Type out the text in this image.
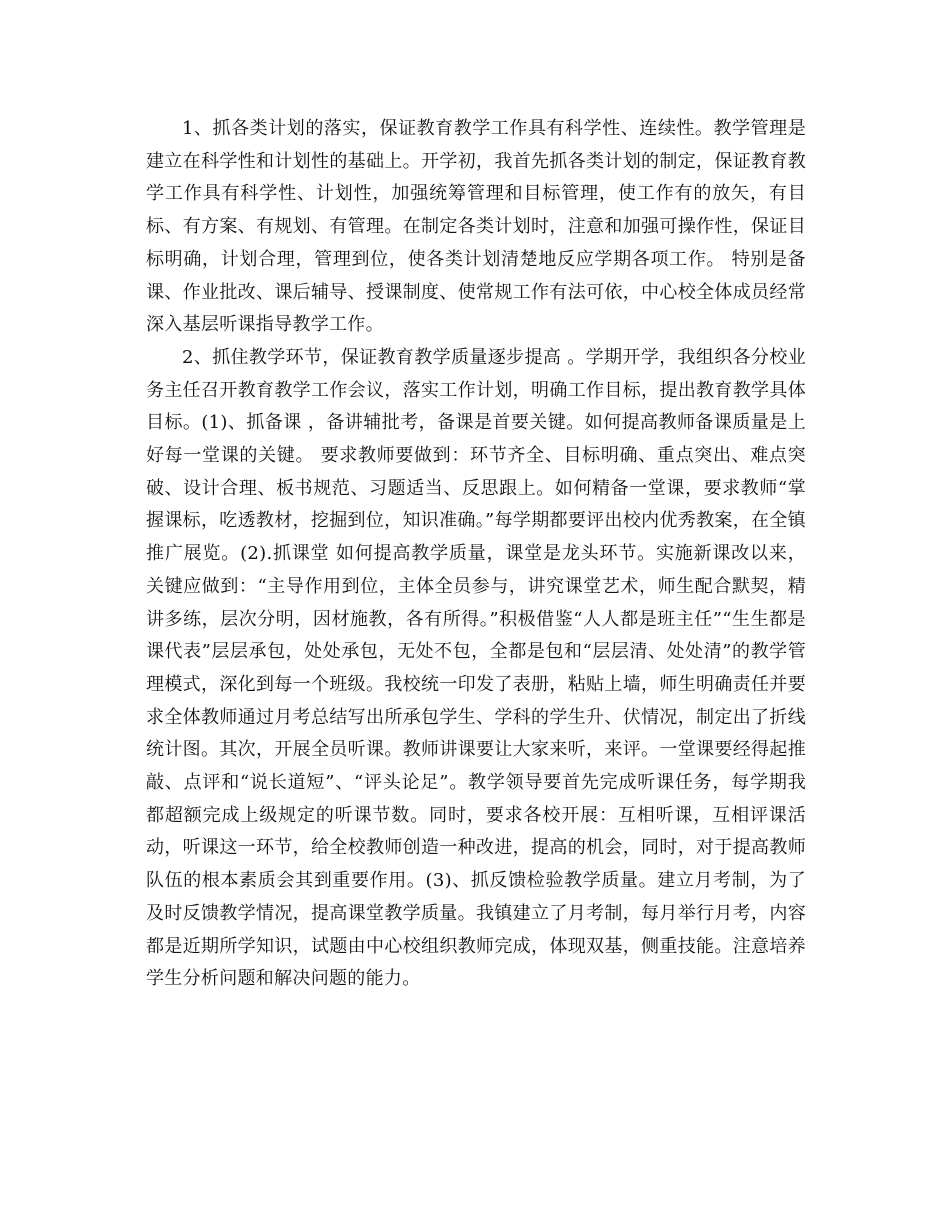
1、抓各类计划的落实，保证教育教学工作具有科学性、连续性。教学管理是建立在科学性和计划性的基础上。开学初，我首先抓各类计划的制定，保证教育教学工作具有科学性、计划性，加强统筹管理和目标管理，使工作有的放矢，有目标、有方案、有规划、有管理。在制定各类计划时，注意和加强可操作性，保证目标明确，计划合理，管理到位，使各类计划清楚地反应学期各项工作。 特别是备课、作业批改、课后辅导、授课制度、使常规工作有法可依，中心校全体成员经常深入基层听课指导教学工作。

2、抓住教学环节，保证教育教学质量逐步提高 。学期开学，我组织各分校业务主任召开教育教学工作会议，落实工作计划，明确工作目标，提出教育教学具体目标。(1)、抓备课 ，备讲辅批考，备课是首要关键。如何提高教师备课质量是上好每一堂课的关键。 要求教师要做到：环节齐全、目标明确、重点突出、难点突破、设计合理、板书规范、习题适当、反思跟上。如何精备一堂课，要求教师“掌握课标，吃透教材，挖掘到位，知识准确。”每学期都要评出校内优秀教案，在全镇推广展览。(2).抓课堂 如何提高教学质量，课堂是龙头环节。实施新课改以来， 关键应做到：“主导作用到位，主体全员参与，讲究课堂艺术，师生配合默契，精讲多练，层次分明，因材施教，各有所得。”积极借鉴“人人都是班主任”“生生都是课代表”层层承包，处处承包，无处不包，全都是包和“层层清、处处清”的教学管理模式，深化到每一个班级。我校统一印发了表册，粘贴上墙，师生明确责任并要求全体教师通过月考总结写出所承包学生、学科的学生升、伏情况，制定出了折线统计图。其次，开展全员听课。教师讲课要让大家来听，来评。一堂课要经得起推敲、点评和“说长道短”、“评头论足”。教学领导要首先完成听课任务，每学期我都超额完成上级规定的听课节数。同时，要求各校开展：互相听课，互相评课活动，听课这一环节，给全校教师创造一种改进，提高的机会，同时，对于提高教师队伍的根本素质会其到重要作用。(3)、抓反馈检验教学质量。建立月考制，为了及时反馈教学情况，提高课堂教学质量。我镇建立了月考制，每月举行月考，内容都是近期所学知识，试题由中心校组织教师完成，体现双基，侧重技能。注意培养学生分析问题和解决问题的能力。
